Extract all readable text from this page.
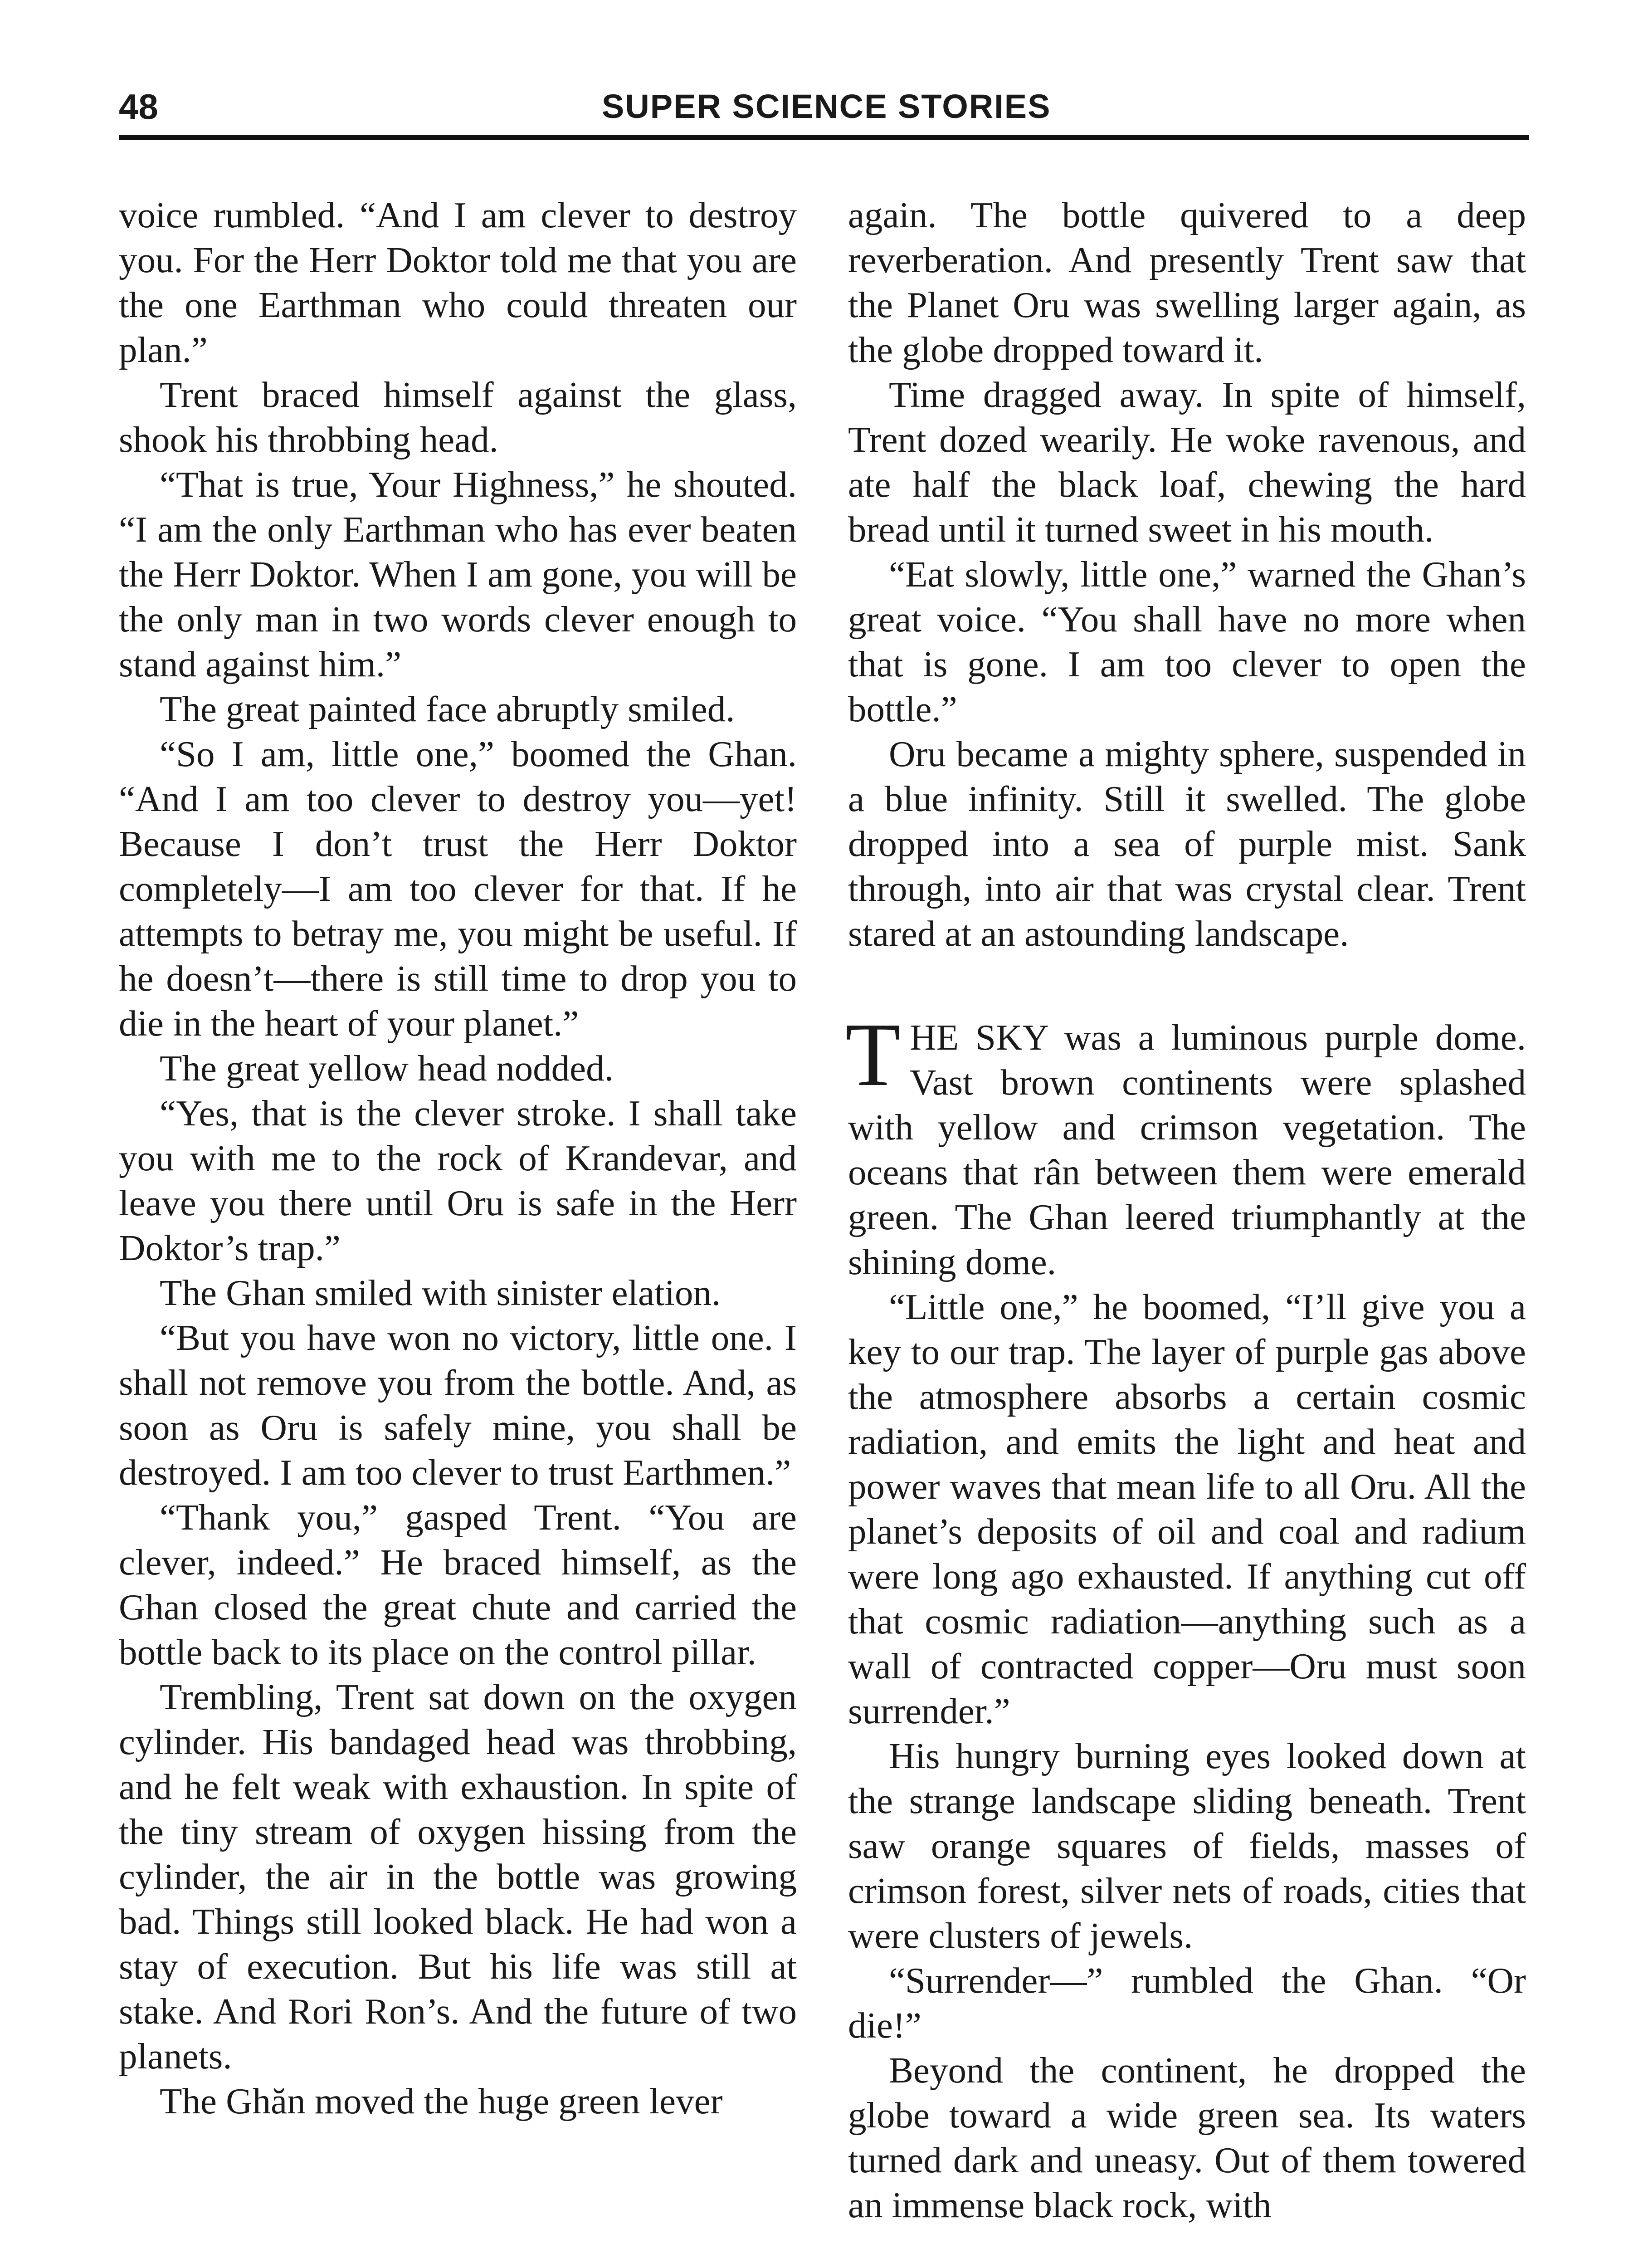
48	SUPER SCIENCE STORIES

voice rumbled. “And I am clever to destroy you. For the Herr Doktor told me that you are the one Earthman who could threaten our plan.”

Trent braced himself against the glass, shook his throbbing head.

“That is true, Your Highness,” he shouted. “I am the only Earthman who has ever beaten the Herr Doktor. When I am gone, you will be the only man in two words clever enough to stand against him.”

The great painted face abruptly smiled.

“So I am, little one,” boomed the Ghan. “And I am too clever to destroy you—yet! Because I don’t trust the Herr Doktor completely—I am too clever for that. If he attempts to betray me, you might be useful. If he doesn’t—there is still time to drop you to die in the heart of your planet.”

The great yellow head nodded.

“Yes, that is the clever stroke. I shall take you with me to the rock of Krandevar, and leave you there until Oru is safe in the Herr Doktor’s trap.”

The Ghan smiled with sinister elation.

“But you have won no victory, little one. I shall not remove you from the bottle. And, as soon as Oru is safely mine, you shall be destroyed. I am too clever to trust Earthmen.”

“Thank you,” gasped Trent. “You are clever, indeed.” He braced himself, as the Ghan closed the great chute and carried the bottle back to its place on the control pillar.

Trembling, Trent sat down on the oxygen cylinder. His bandaged head was throbbing, and he felt weak with exhaustion. In spite of the tiny stream of oxygen hissing from the cylinder, the air in the bottle was growing bad. Things still looked black. He had won a stay of execution. But his life was still at stake. And Rori Ron’s. And the future of two planets.

The Ghăn moved the huge green lever

again. The bottle quivered to a deep reverberation. And presently Trent saw that the Planet Oru was swelling larger again, as the globe dropped toward it.

Time dragged away. In spite of himself, Trent dozed wearily. He woke ravenous, and ate half the black loaf, chewing the hard bread until it turned sweet in his mouth.

“Eat slowly, little one,” warned the Ghan’s great voice. “You shall have no more when that is gone. I am too clever to open the bottle.”

Oru became a mighty sphere, suspended in a blue infinity. Still it swelled. The globe dropped into a sea of purple mist. Sank through, into air that was crystal clear. Trent stared at an astounding landscape.

THE SKY was a luminous purple dome. Vast brown continents were splashed with yellow and crimson vegetation. The oceans that rân between them were emerald green. The Ghan leered triumphantly at the shining dome.

“Little one,” he boomed, “I’ll give you a key to our trap. The layer of purple gas above the atmosphere absorbs a certain cosmic radiation, and emits the light and heat and power waves that mean life to all Oru. All the planet’s deposits of oil and coal and radium were long ago exhausted. If anything cut off that cosmic radiation—anything such as a wall of contracted copper—Oru must soon surrender.”

His hungry burning eyes looked down at the strange landscape sliding beneath. Trent saw orange squares of fields, masses of crimson forest, silver nets of roads, cities that were clusters of jewels.

“Surrender—” rumbled the Ghan. “Or die!”

Beyond the continent, he dropped the globe toward a wide green sea. Its waters turned dark and uneasy. Out of them towered an immense black rock, with
